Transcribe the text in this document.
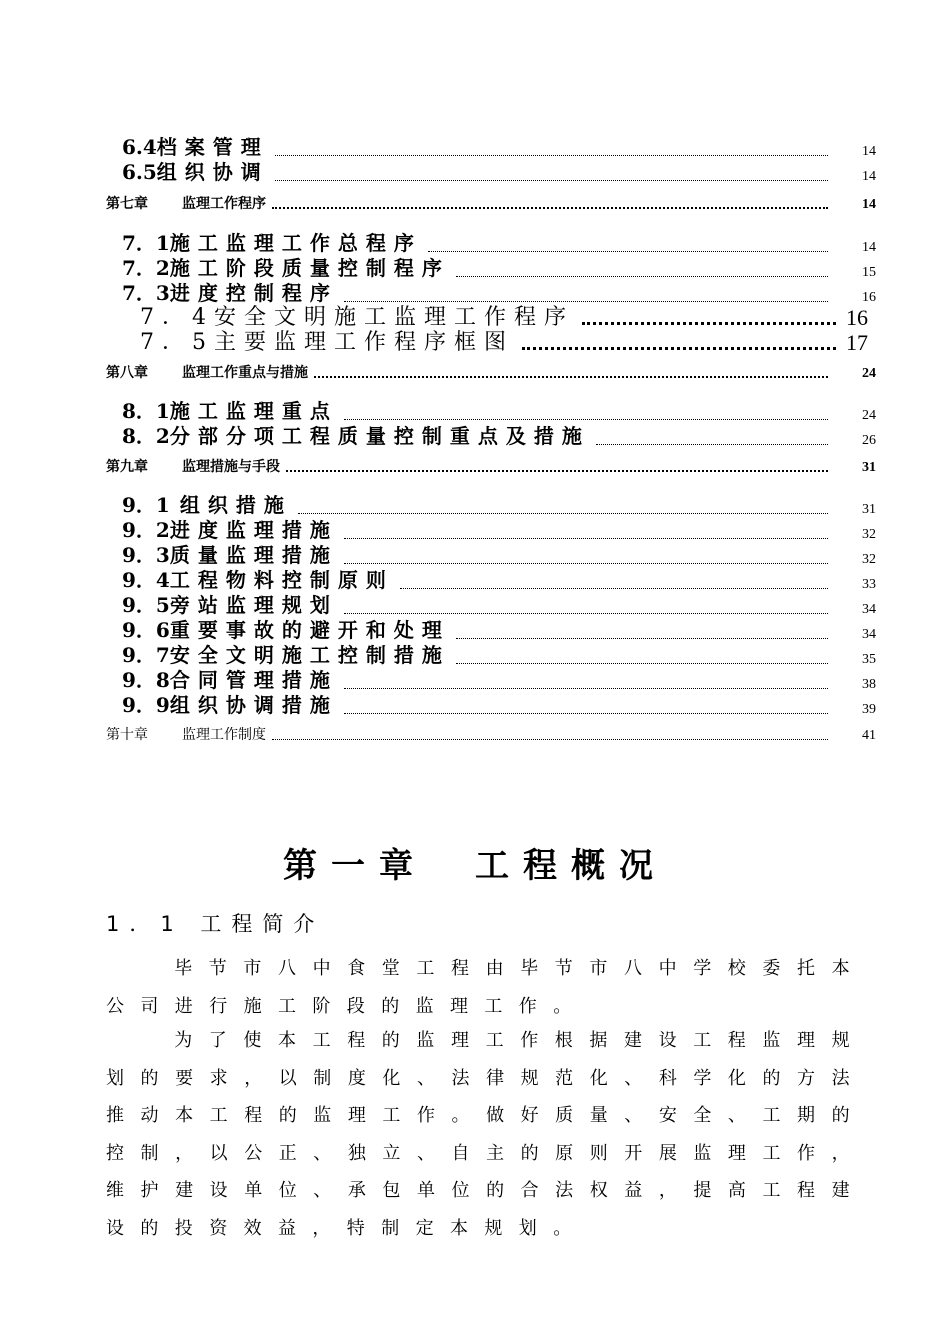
6.4档案管理	14
6.5组织协调	14
第七章 监理工作程序	14
7．1施工监理工作总程序	14
7．2施工阶段质量控制程序	15
7．3进度控制程序	16
7．4安全文明施工监理工作程序	16
7．5主要监理工作程序框图	17
第八章 监理工作重点与措施	24
8．1施工监理重点	24
8．2分部分项工程质量控制重点及措施	26
第九章 监理措施与手段	31
9．1 组织措施	31
9．2进度监理措施	32
9．3质量监理措施	32
9．4工程物料控制原则	33
9．5旁站监理规划	34
9．6重要事故的避开和处理	34
9．7安全文明施工控制措施	35
9．8合同管理措施	38
9．9组织协调措施	39
第十章 监理工作制度	41
第一章　工程概况
1．1 工程简介
毕节市八中食堂工程由毕节市八中学校委托本公司进行施工阶段的监理工作。
为了使本工程的监理工作根据建设工程监理规划的要求，以制度化、法律规范化、科学化的方法推动本工程的监理工作。做好质量、安全、工期的控制，以公正、独立、自主的原则开展监理工作，维护建设单位、承包单位的合法权益，提高工程建设的投资效益，特制定本规划。
